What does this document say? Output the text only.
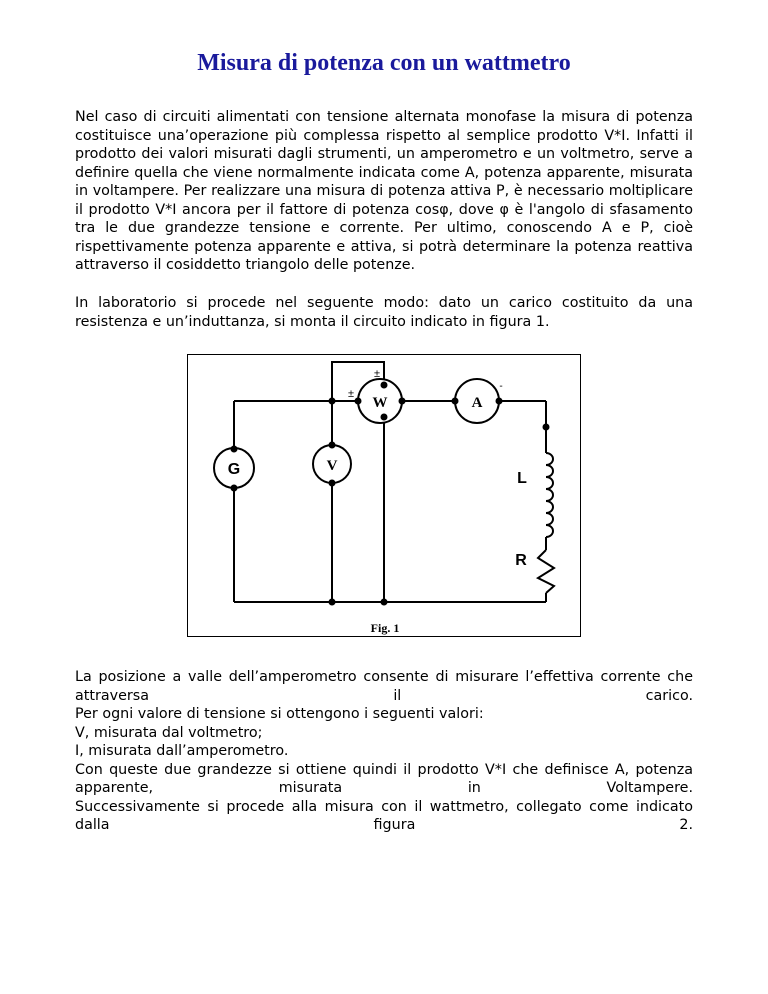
Misura di potenza con un wattmetro

Nel caso di circuiti alimentati con tensione alternata monofase la misura di potenza costituisce una’operazione più complessa rispetto al semplice prodotto V*I. Infatti il prodotto dei valori misurati dagli strumenti, un amperometro e un voltmetro, serve a definire quella che viene normalmente indicata come A, potenza apparente, misurata in voltampere. Per realizzare una misura di potenza attiva P, è necessario moltiplicare il prodotto V*I ancora per il fattore di potenza cosφ, dove φ è l'angolo di sfasamento tra le due grandezze tensione e corrente. Per ultimo, conoscendo A e P, cioè rispettivamente potenza apparente e attiva, si potrà determinare la potenza reattiva attraverso il cosiddetto triangolo delle potenze.

In laboratorio si procede nel seguente modo: dato un carico costituito da una resistenza e un’induttanza, si monta il circuito indicato in figura 1.

G	V
W	A
L
R
±
±
-
Fig. 1
La posizione a valle dell’amperometro consente di misurare l’effettiva corrente che attraversa il carico.
Per ogni valore di tensione si ottengono i seguenti valori:
V, misurata dal voltmetro;
I, misurata dall’amperometro.
Con queste due grandezze si ottiene quindi il prodotto V*I che definisce A, potenza apparente, misurata in Voltampere.
Successivamente si procede alla misura con il wattmetro, collegato come indicato dalla figura 2.
